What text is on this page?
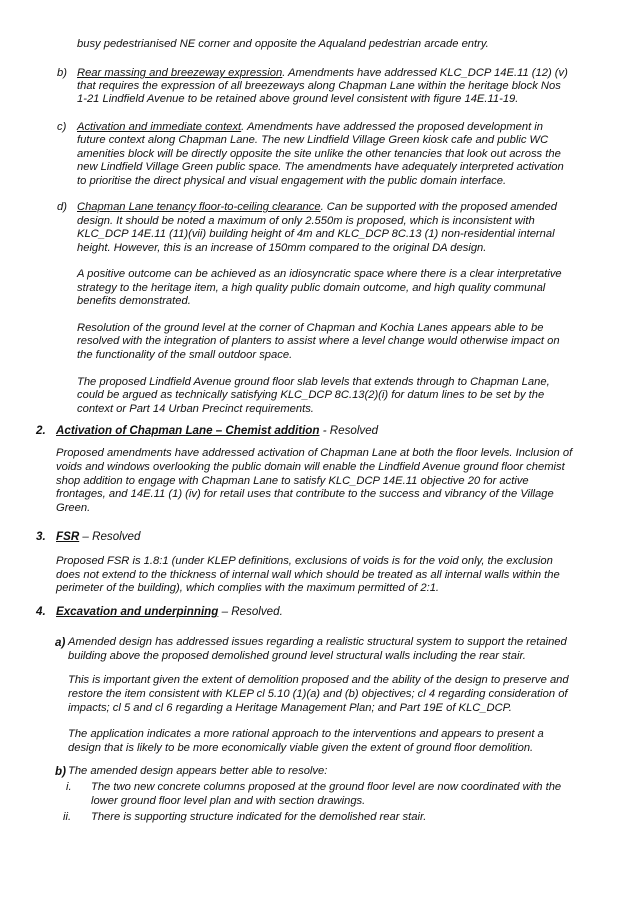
busy pedestrianised NE corner and opposite the Aqualand pedestrian arcade entry.
b) Rear massing and breezeway expression. Amendments have addressed KLC_DCP 14E.11 (12) (v)
that requires the expression of all breezeways along Chapman Lane within the heritage block Nos
1-21 Lindfield Avenue to be retained above ground level consistent with figure 14E.11-19.
c) Activation and immediate context. Amendments have addressed the proposed development in
future context along Chapman Lane. The new Lindfield Village Green kiosk cafe and public WC
amenities block will be directly opposite the site unlike the other tenancies that look out across the
new Lindfield Village Green public space. The amendments have adequately interpreted activation
to prioritise the direct physical and visual engagement with the public domain interface.
d) Chapman Lane tenancy floor-to-ceiling clearance. Can be supported with the proposed amended
design. It should be noted a maximum of only 2.550m is proposed, which is inconsistent with
KLC_DCP 14E.11 (11)(vii) building height of 4m and KLC_DCP 8C.13 (1) non-residential internal
height. However, this is an increase of 150mm compared to the original DA design.
A positive outcome can be achieved as an idiosyncratic space where there is a clear interpretative
strategy to the heritage item, a high quality public domain outcome, and high quality communal
benefits demonstrated.
Resolution of the ground level at the corner of Chapman and Kochia Lanes appears able to be
resolved with the integration of planters to assist where a level change would otherwise impact on
the functionality of the small outdoor space.
The proposed Lindfield Avenue ground floor slab levels that extends through to Chapman Lane,
could be argued as technically satisfying KLC_DCP 8C.13(2)(i) for datum lines to be set by the
context or Part 14 Urban Precinct requirements.
2. Activation of Chapman Lane – Chemist addition - Resolved
Proposed amendments have addressed activation of Chapman Lane at both the floor levels. Inclusion of
voids and windows overlooking the public domain will enable the Lindfield Avenue ground floor chemist
shop addition to engage with Chapman Lane to satisfy KLC_DCP 14E.11 objective 20 for active
frontages, and 14E.11 (1) (iv) for retail uses that contribute to the success and vibrancy of the Village
Green.
3. FSR – Resolved
Proposed FSR is 1.8:1 (under KLEP definitions, exclusions of voids is for the void only, the exclusion
does not extend to the thickness of internal wall which should be treated as all internal walls within the
perimeter of the building), which complies with the maximum permitted of 2:1.
4. Excavation and underpinning – Resolved.
a) Amended design has addressed issues regarding a realistic structural system to support the retained
building above the proposed demolished ground level structural walls including the rear stair.
This is important given the extent of demolition proposed and the ability of the design to preserve and
restore the item consistent with KLEP cl 5.10 (1)(a) and (b) objectives; cl 4 regarding consideration of
impacts; cl 5 and cl 6 regarding a Heritage Management Plan; and Part 19E of KLC_DCP.
The application indicates a more rational approach to the interventions and appears to present a
design that is likely to be more economically viable given the extent of ground floor demolition.
b) The amended design appears better able to resolve:
i. The two new concrete columns proposed at the ground floor level are now coordinated with the
lower ground floor level plan and with section drawings.
ii. There is supporting structure indicated for the demolished rear stair.
